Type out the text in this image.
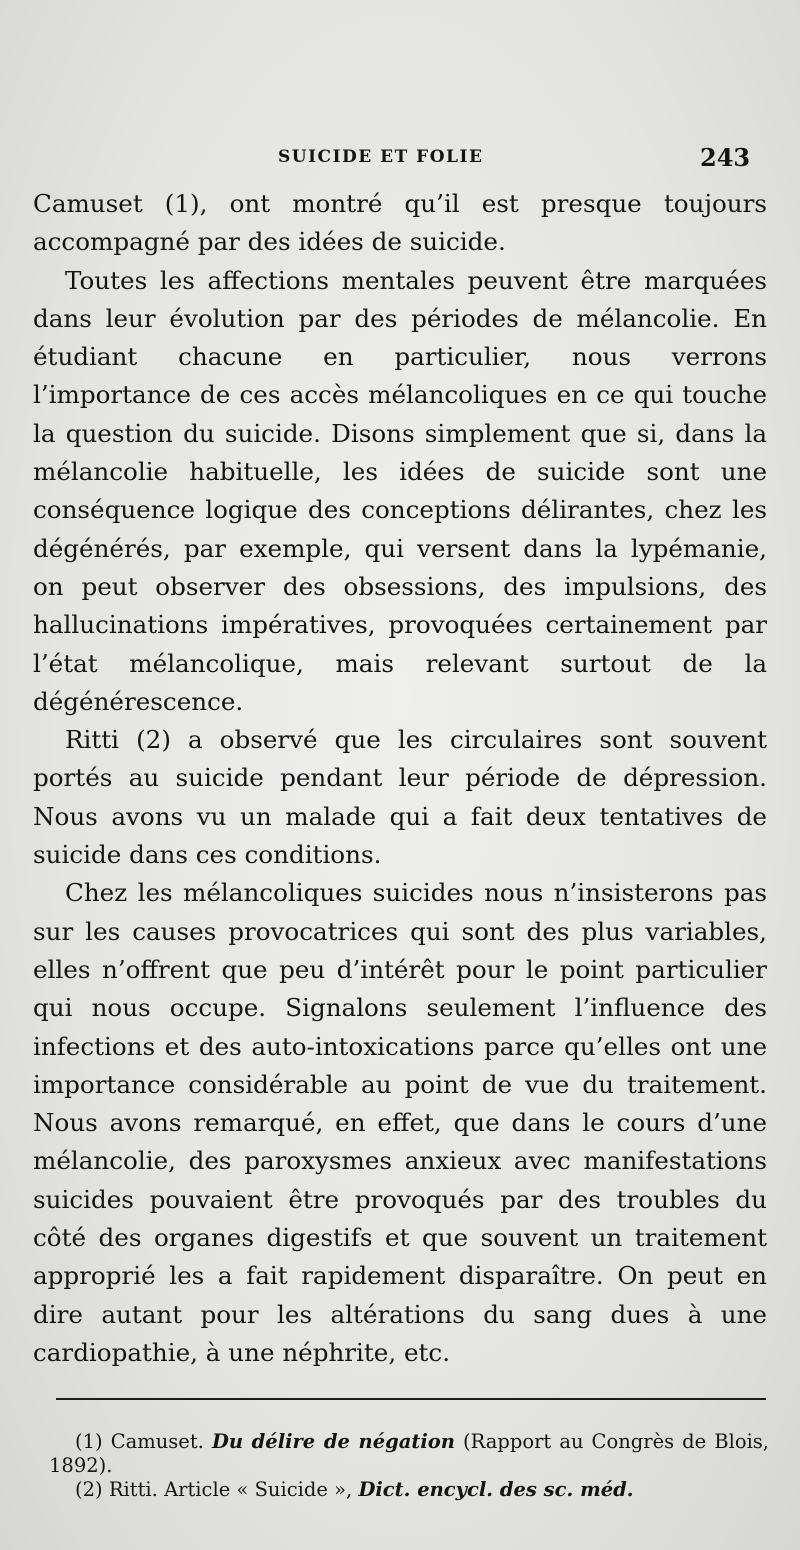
SUICIDE ET FOLIE	243

Camuset (1), ont montré qu’il est presque toujours accompagné par des idées de suicide.

Toutes les affections mentales peuvent être marquées dans leur évolution par des périodes de mélancolie. En étudiant chacune en particulier, nous verrons l’importance de ces accès mélancoliques en ce qui touche la question du suicide. Disons simplement que si, dans la mélancolie habituelle, les idées de suicide sont une conséquence logique des conceptions délirantes, chez les dégénérés, par exemple, qui versent dans la lypémanie, on peut observer des obsessions, des impulsions, des hallucinations impératives, provoquées certainement par l’état mélancolique, mais relevant surtout de la dégénérescence.

Ritti (2) a observé que les circulaires sont souvent portés au suicide pendant leur période de dépression. Nous avons vu un malade qui a fait deux tentatives de suicide dans ces conditions.

Chez les mélancoliques suicides nous n’insisterons pas sur les causes provocatrices qui sont des plus variables, elles n’offrent que peu d’intérêt pour le point particulier qui nous occupe. Signalons seulement l’influence des infections et des auto-intoxications parce qu’elles ont une importance considérable au point de vue du traitement. Nous avons remarqué, en effet, que dans le cours d’une mélancolie, des paroxysmes anxieux avec manifestations suicides pouvaient être provoqués par des troubles du côté des organes digestifs et que souvent un traitement approprié les a fait rapidement disparaître. On peut en dire autant pour les altérations du sang dues à une cardiopathie, à une néphrite, etc.

(1) Camuset. Du délire de négation (Rapport au Congrès de Blois, 1892).

(2) Ritti. Article « Suicide », Dict. encycl. des sc. méd.
